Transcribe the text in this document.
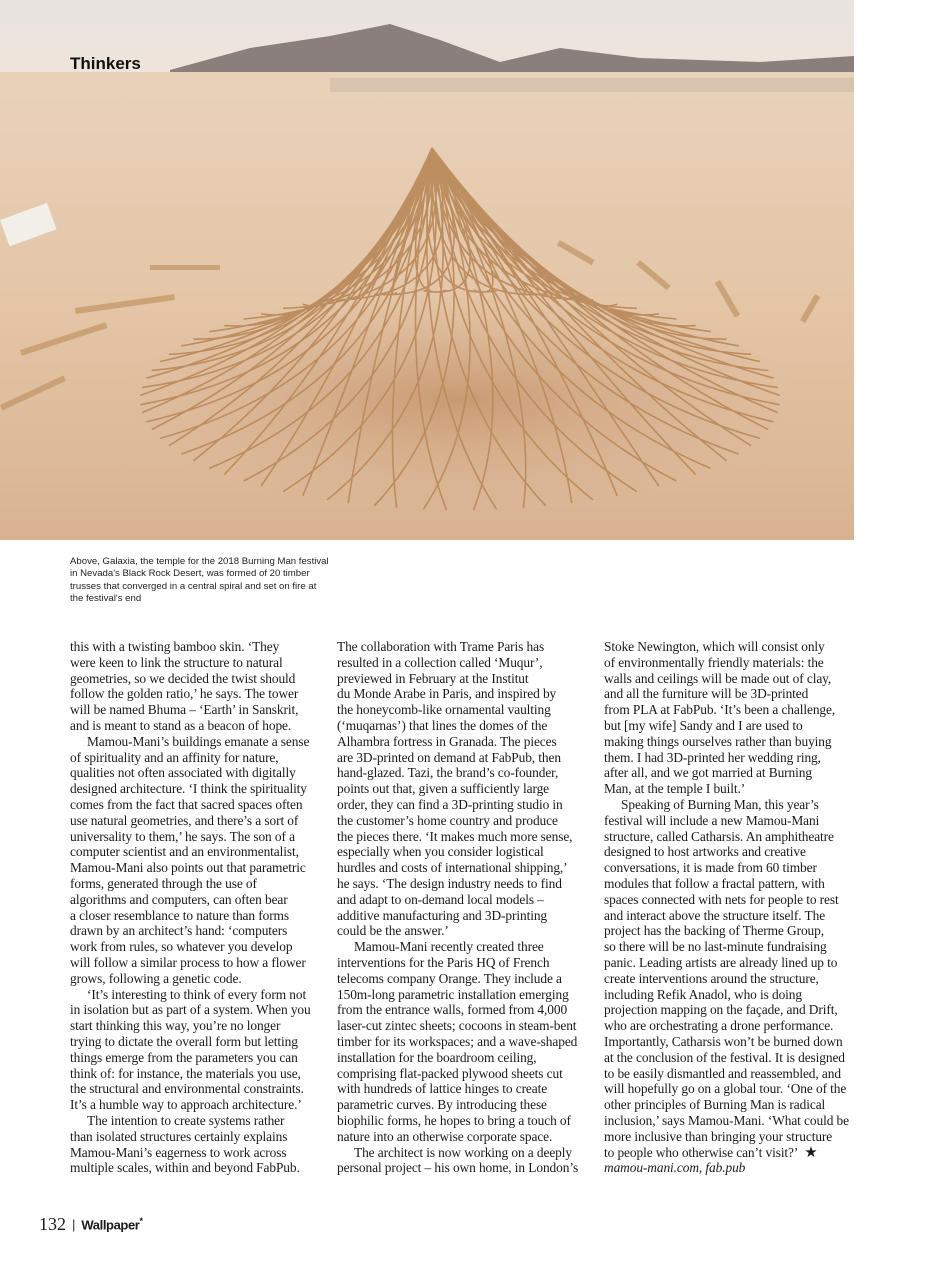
Thinkers
Above, Galaxia, the temple for the 2018 Burning Man festival in Nevada's Black Rock Desert, was formed of 20 timber trusses that converged in a central spiral and set on fire at the festival's end
this with a twisting bamboo skin. ‘They
were keen to link the structure to natural
geometries, so we decided the twist should
follow the golden ratio,’ he says. The tower
will be named Bhuma – ‘Earth’ in Sanskrit,
and is meant to stand as a beacon of hope.
Mamou-Mani’s buildings emanate a sense
of spirituality and an affinity for nature,
qualities not often associated with digitally
designed architecture. ‘I think the spirituality
comes from the fact that sacred spaces often
use natural geometries, and there’s a sort of
universality to them,’ he says. The son of a
computer scientist and an environmentalist,
Mamou-Mani also points out that parametric
forms, generated through the use of
algorithms and computers, can often bear
a closer resemblance to nature than forms
drawn by an architect’s hand: ‘computers
work from rules, so whatever you develop
will follow a similar process to how a flower
grows, following a genetic code.
‘It’s interesting to think of every form not
in isolation but as part of a system. When you
start thinking this way, you’re no longer
trying to dictate the overall form but letting
things emerge from the parameters you can
think of: for instance, the materials you use,
the structural and environmental constraints.
It’s a humble way to approach architecture.’
The intention to create systems rather
than isolated structures certainly explains
Mamou-Mani’s eagerness to work across
multiple scales, within and beyond FabPub.
The collaboration with Trame Paris has
resulted in a collection called ‘Muqur’,
previewed in February at the Institut
du Monde Arabe in Paris, and inspired by
the honeycomb-like ornamental vaulting
(‘muqarnas’) that lines the domes of the
Alhambra fortress in Granada. The pieces
are 3D-printed on demand at FabPub, then
hand-glazed. Tazi, the brand’s co-founder,
points out that, given a sufficiently large
order, they can find a 3D-printing studio in
the customer’s home country and produce
the pieces there. ‘It makes much more sense,
especially when you consider logistical
hurdles and costs of international shipping,’
he says. ‘The design industry needs to find
and adapt to on-demand local models –
additive manufacturing and 3D-printing
could be the answer.’
Mamou-Mani recently created three
interventions for the Paris HQ of French
telecoms company Orange. They include a
150m-long parametric installation emerging
from the entrance walls, formed from 4,000
laser-cut zintec sheets; cocoons in steam-bent
timber for its workspaces; and a wave-shaped
installation for the boardroom ceiling,
comprising flat-packed plywood sheets cut
with hundreds of lattice hinges to create
parametric curves. By introducing these
biophilic forms, he hopes to bring a touch of
nature into an otherwise corporate space.
The architect is now working on a deeply
personal project – his own home, in London’s
Stoke Newington, which will consist only
of environmentally friendly materials: the
walls and ceilings will be made out of clay,
and all the furniture will be 3D-printed
from PLA at FabPub. ‘It’s been a challenge,
but [my wife] Sandy and I are used to
making things ourselves rather than buying
them. I had 3D-printed her wedding ring,
after all, and we got married at Burning
Man, at the temple I built.’
Speaking of Burning Man, this year’s
festival will include a new Mamou-Mani
structure, called Catharsis. An amphitheatre
designed to host artworks and creative
conversations, it is made from 60 timber
modules that follow a fractal pattern, with
spaces connected with nets for people to rest
and interact above the structure itself. The
project has the backing of Therme Group,
so there will be no last-minute fundraising
panic. Leading artists are already lined up to
create interventions around the structure,
including Refik Anadol, who is doing
projection mapping on the façade, and Drift,
who are orchestrating a drone performance.
Importantly, Catharsis won’t be burned down
at the conclusion of the festival. It is designed
to be easily dismantled and reassembled, and
will hopefully go on a global tour. ‘One of the
other principles of Burning Man is radical
inclusion,’ says Mamou-Mani. ‘What could be
more inclusive than bringing your structure
to people who otherwise can’t visit?’ ★
mamou-mani.com, fab.pub
132 | Wallpaper*
